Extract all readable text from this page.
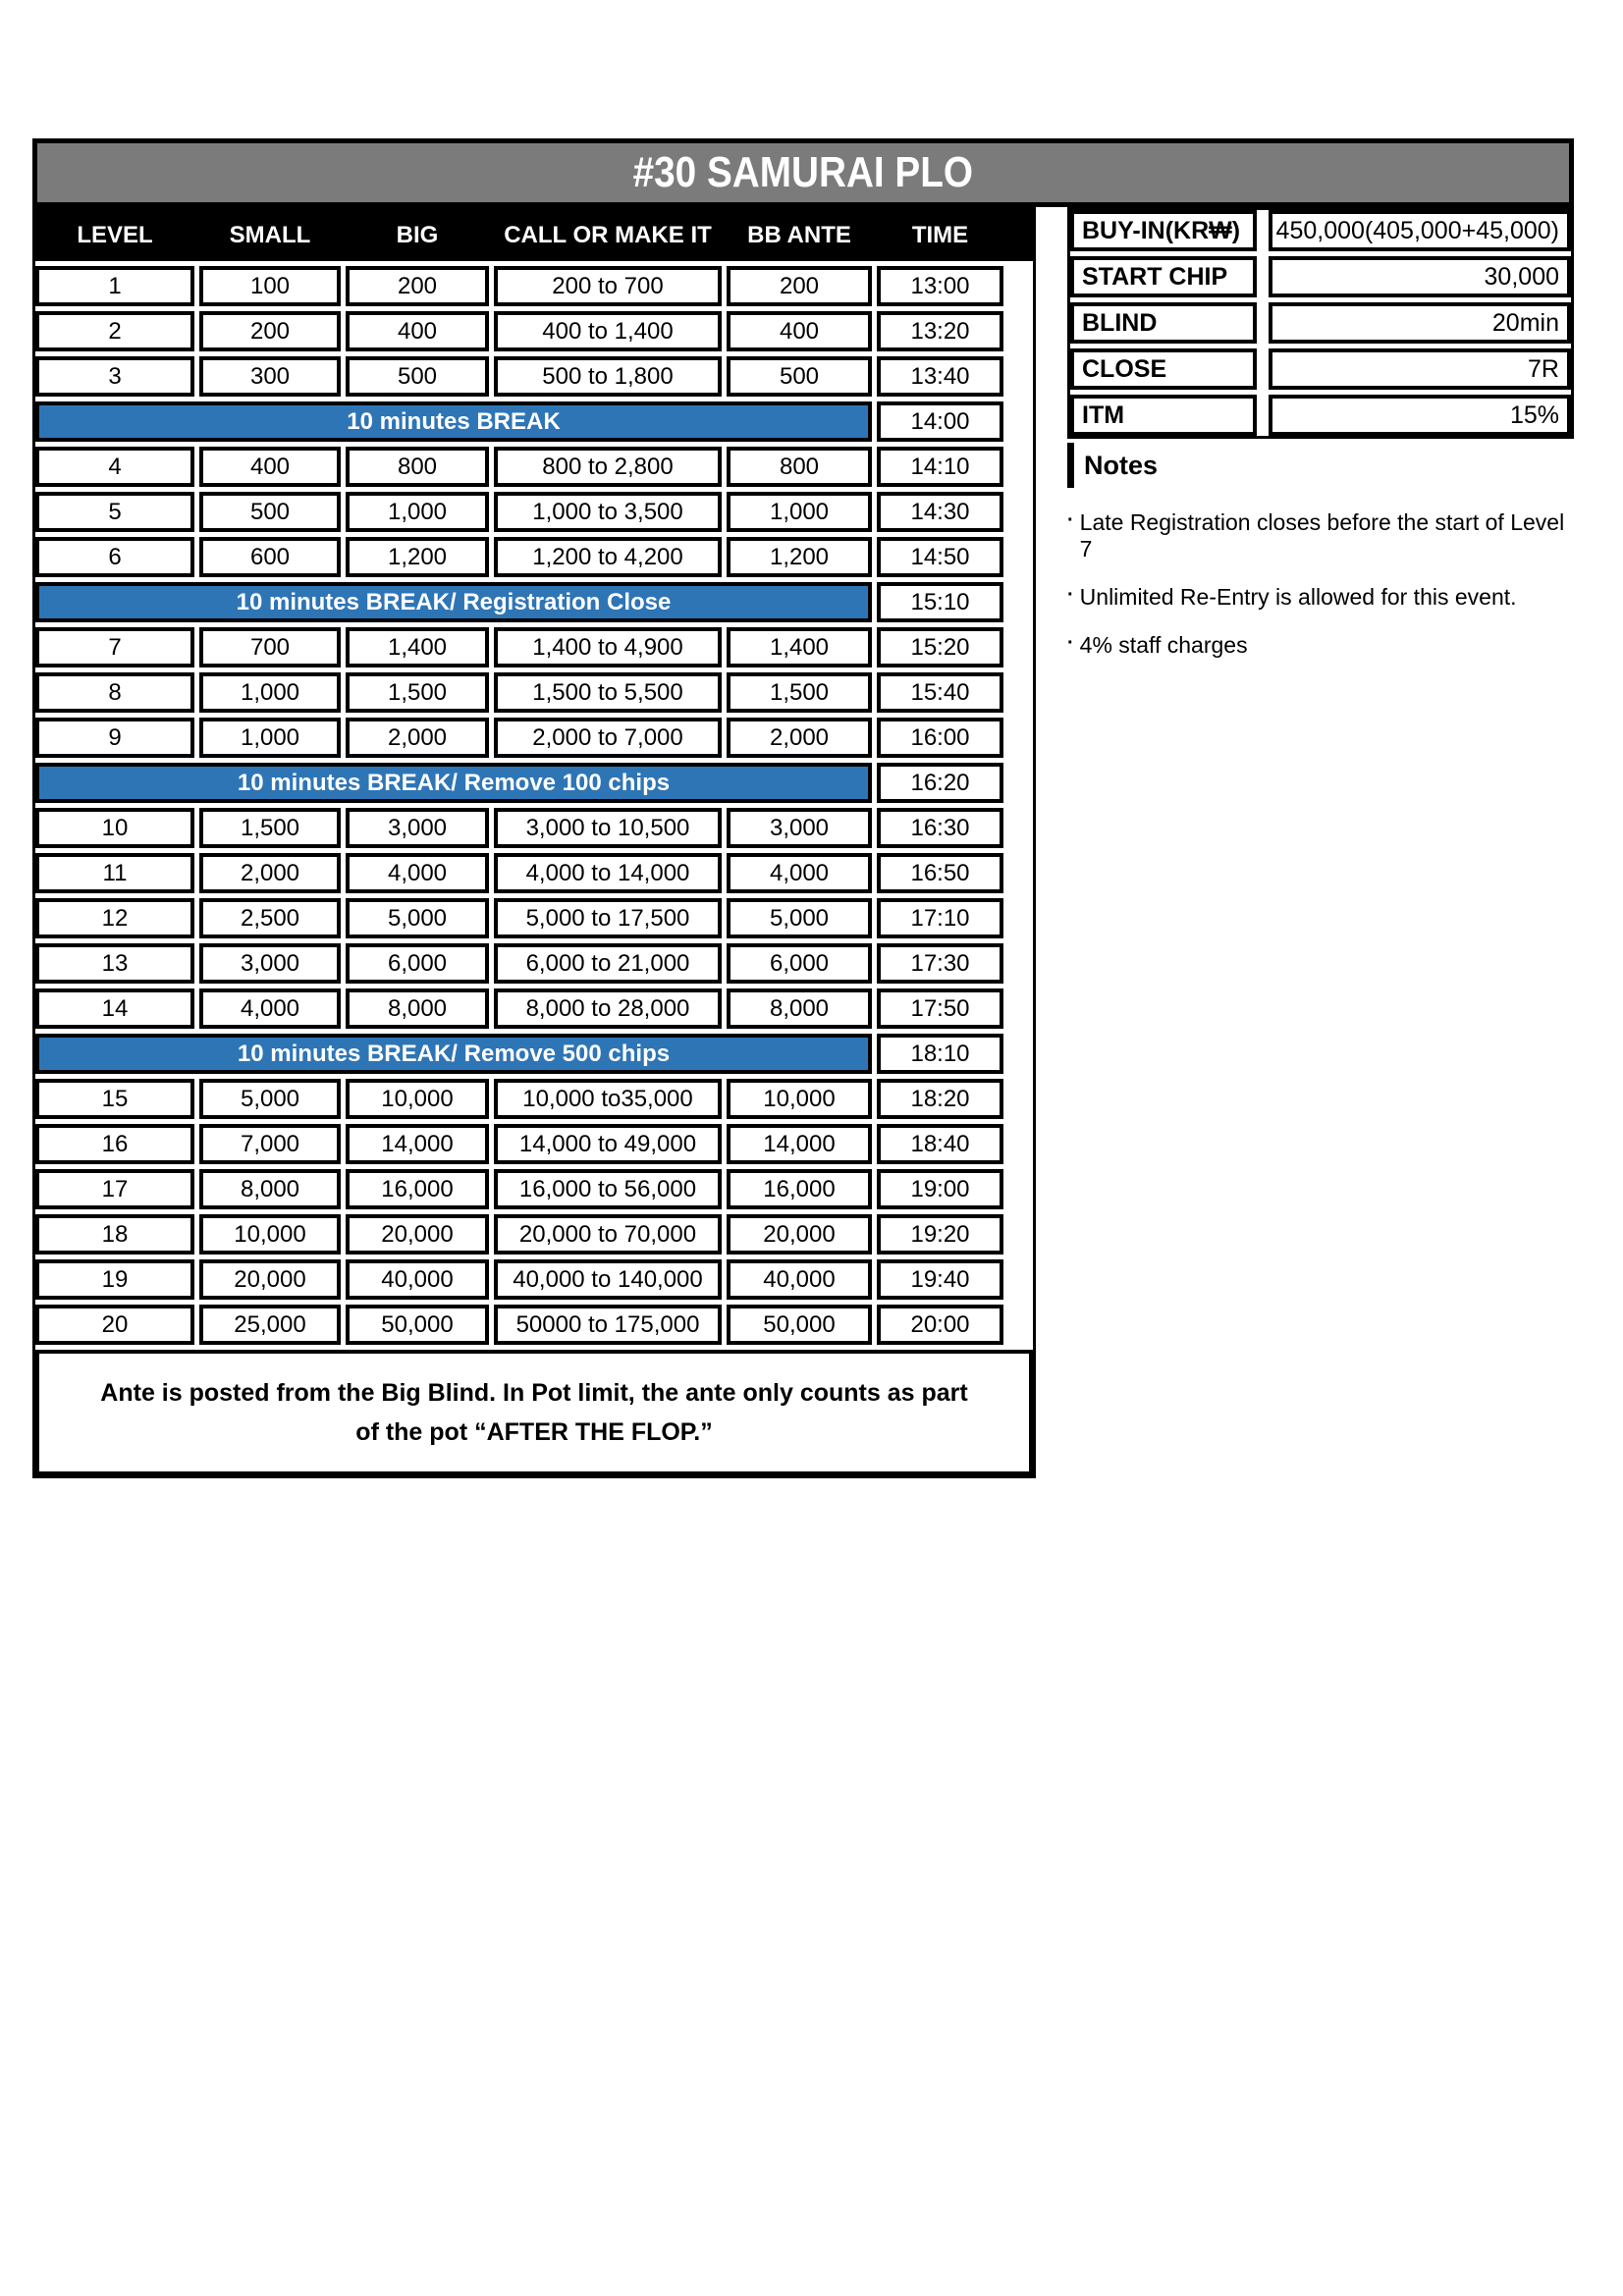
#30 SAMURAI PLO
LEVEL	SMALL	BIG	CALL OR MAKE IT	BB ANTE	TIME
1	100	200	200 to 700	200	13:00
2	200	400	400 to 1,400	400	13:20
3	300	500	500 to 1,800	500	13:40
10 minutes BREAK	14:00
4	400	800	800 to 2,800	800	14:10
5	500	1,000	1,000 to 3,500	1,000	14:30
6	600	1,200	1,200 to 4,200	1,200	14:50
10 minutes BREAK/ Registration Close	15:10
7	700	1,400	1,400 to 4,900	1,400	15:20
8	1,000	1,500	1,500 to 5,500	1,500	15:40
9	1,000	2,000	2,000 to 7,000	2,000	16:00
10 minutes BREAK/ Remove 100 chips	16:20
10	1,500	3,000	3,000 to 10,500	3,000	16:30
11	2,000	4,000	4,000 to 14,000	4,000	16:50
12	2,500	5,000	5,000 to 17,500	5,000	17:10
13	3,000	6,000	6,000 to 21,000	6,000	17:30
14	4,000	8,000	8,000 to 28,000	8,000	17:50
10 minutes BREAK/ Remove 500 chips	18:10
15	5,000	10,000	10,000 to35,000	10,000	18:20
16	7,000	14,000	14,000 to 49,000	14,000	18:40
17	8,000	16,000	16,000 to 56,000	16,000	19:00
18	10,000	20,000	20,000 to 70,000	20,000	19:20
19	20,000	40,000	40,000 to 140,000	40,000	19:40
20	25,000	50,000	50000 to 175,000	50,000	20:00
Ante is posted from the Big Blind. In Pot limit, the ante only counts as part of the pot “AFTER THE FLOP.”
BUY-IN(KR₩)	450,000(405,000+45,000)
START CHIP	30,000
BLIND	20min
CLOSE	7R
ITM	15%
Notes
· Late Registration closes before the start of Level 7
· Unlimited Re-Entry is allowed for this event.
· 4% staff charges
